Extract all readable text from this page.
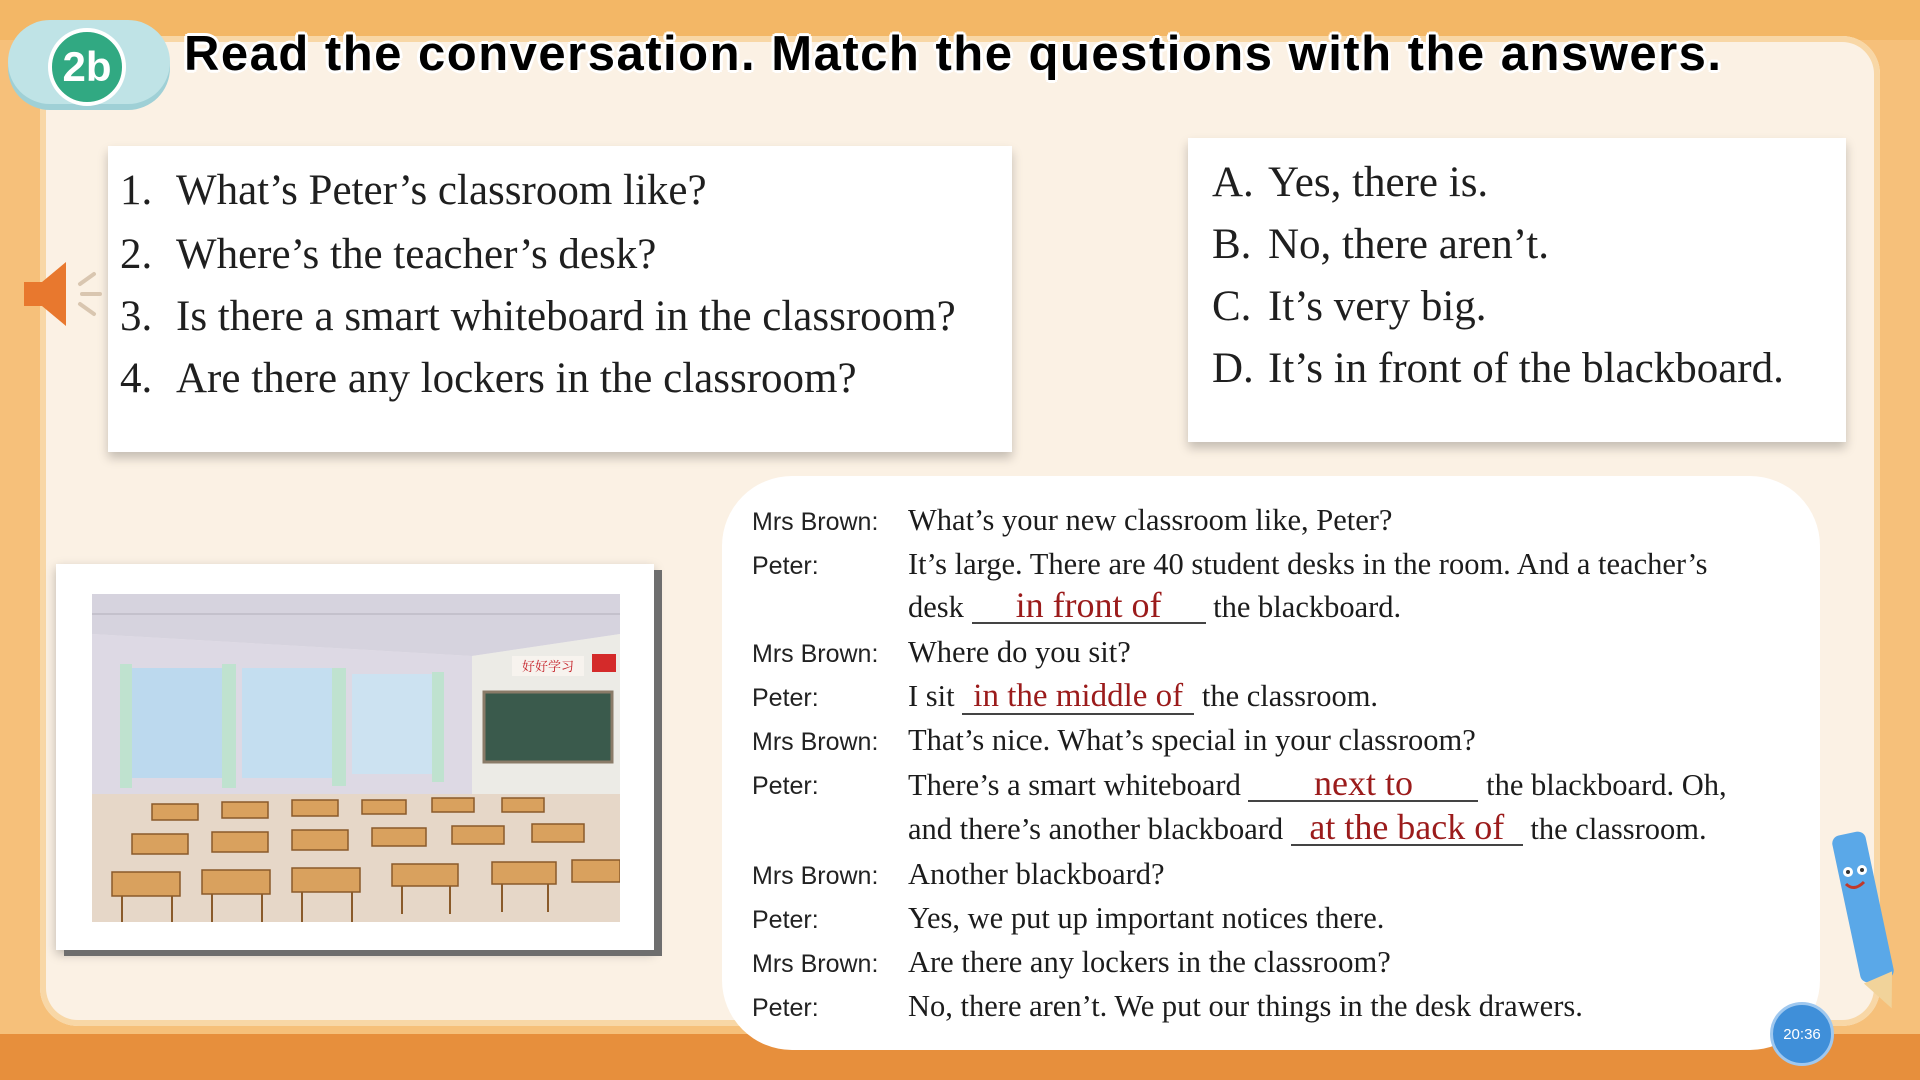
2b Read the conversation. Match the questions with the answers.
1. What’s Peter’s classroom like?
2. Where’s the teacher’s desk?
3. Is there a smart whiteboard in the classroom?
4. Are there any lockers in the classroom?
A. Yes, there is.
B. No, there aren’t.
C. It’s very big.
D. It’s in front of the blackboard.
好好学习
Mrs Brown: What’s your new classroom like, Peter?
Peter:	It’s large. There are 40 student desks in the room. And a teacher’s
desk in front of the blackboard.
Mrs Brown: Where do you sit?
Peter:	I sit in the middle of the classroom.
Mrs Brown: That’s nice. What’s special in your classroom?
Peter:	There’s a smart whiteboard next to the blackboard. Oh,
and there’s another blackboard at the back of the classroom.
Mrs Brown: Another blackboard?
Peter:	Yes, we put up important notices there.
Mrs Brown: Are there any lockers in the classroom?
Peter:	No, there aren’t. We put our things in the desk drawers.
20:36
